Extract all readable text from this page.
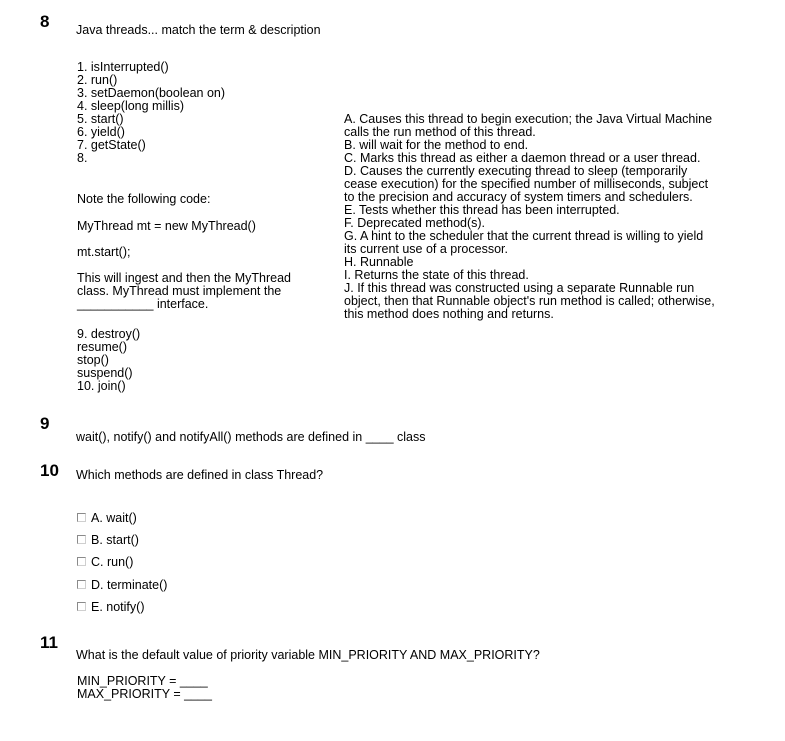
8 Java threads... match the term & description
1. isInterrupted()
2. run()
3. setDaemon(boolean on)
4. sleep(long millis)
5. start()
6. yield()
7. getState()
8.
Note the following code:
MyThread mt = new MyThread()
mt.start();
This will ingest and then the MyThread
class. MyThread must implement the
___________ interface.
9. destroy()
resume()
stop()
suspend()
10. join()
A. Causes this thread to begin execution; the Java Virtual Machine
calls the run method of this thread.
B. will wait for the method to end.
C. Marks this thread as either a daemon thread or a user thread.
D. Causes the currently executing thread to sleep (temporarily
cease execution) for the specified number of milliseconds, subject
to the precision and accuracy of system timers and schedulers.
E. Tests whether this thread has been interrupted.
F. Deprecated method(s).
G. A hint to the scheduler that the current thread is willing to yield
its current use of a processor.
H. Runnable
I. Returns the state of this thread.
J. If this thread was constructed using a separate Runnable run
object, then that Runnable object's run method is called; otherwise,
this method does nothing and returns.
9
wait(), notify() and notifyAll() methods are defined in ____ class
10 Which methods are defined in class Thread?
A. wait()
B. start()
C. run()
D. terminate()
E. notify()
11
What is the default value of priority variable MIN_PRIORITY AND MAX_PRIORITY?
MIN_PRIORITY = ____
MAX_PRIORITY = ____
